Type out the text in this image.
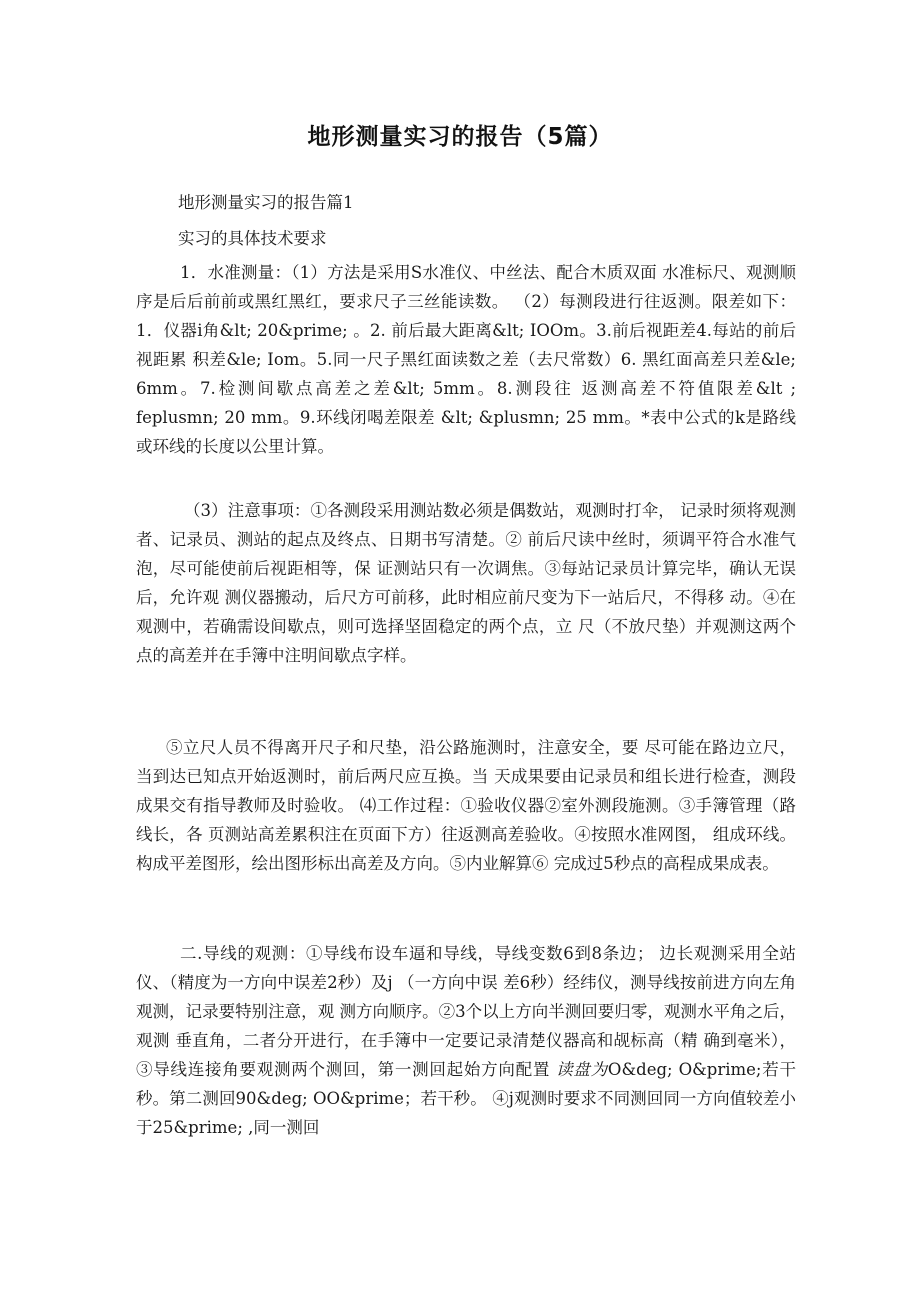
地形测量实习的报告（5篇）
地形测量实习的报告篇1
实习的具体技术要求

1．水准测量：（1）方法是采用S水准仪、中丝法、配合木质双面 水准标尺、观测顺序是后后前前或黑红黑红，要求尺子三丝能读数。 （2）每测段进行往返测。限差如下：1．仪器i角&lt; 20&prime; 。2. 前后最大距离&lt; IOOm。3.前后视距差4.每站的前后视距累 积差&le; Iom。5.同一尺子黑红面读数之差（去尺常数）6. 黑红面高差只差&le; 6mm。7.检测间歇点高差之差&lt; 5mm。8.测段往 返测高差不符值限差&lt ; feplusmn; 20 mm。9.环线闭喝差限差 &lt; &plusmn; 25 mm。*表中公式的k是路线或环线的长度以公里计算。

（3）注意事项：①各测段采用测站数必须是偶数站，观测时打伞， 记录时须将观测者、记录员、测站的起点及终点、日期书写清楚。② 前后尺读中丝时，须调平符合水准气泡，尽可能使前后视距相等，保 证测站只有一次调焦。③每站记录员计算完毕，确认无误后，允许观 测仪器搬动，后尺方可前移，此时相应前尺变为下一站后尺，不得移 动。④在观测中，若确需设间歇点，则可选择坚固稳定的两个点，立 尺（不放尺垫）并观测这两个点的高差并在手簿中注明间歇点字样。

⑤立尺人员不得离开尺子和尺垫，沿公路施测时，注意安全，要 尽可能在路边立尺，当到达已知点开始返测时，前后两尺应互换。当 天成果要由记录员和组长进行检查，测段成果交有指导教师及时验收。 ⑷工作过程：①验收仪器②室外测段施测。③手簿管理（路线长，各 页测站高差累积注在页面下方）往返测高差验收。④按照水准网图， 组成环线。构成平差图形，绘出图形标出高差及方向。⑤内业解算⑥ 完成过5秒点的高程成果成表。

二.导线的观测：①导线布设车逼和导线，导线变数6到8条边； 边长观测采用全站仪、（精度为一方向中误差2秒）及j （一方向中误 差6秒）经纬仪，测导线按前进方向左角观测，记录要特别注意，观 测方向顺序。②3个以上方向半测回要归零，观测水平角之后，观测 垂直角，二者分开进行，在手簿中一定要记录清楚仪器高和觇标高（精 确到毫米），③导线连接角要观测两个测回，第一测回起始方向配置 读盘为O&deg; O&prime;若干秒。第二测回90&deg; OO&prime；若干秒。 ④j观测时要求不同测回同一方向值较差小于25&prime; ,同一测回
